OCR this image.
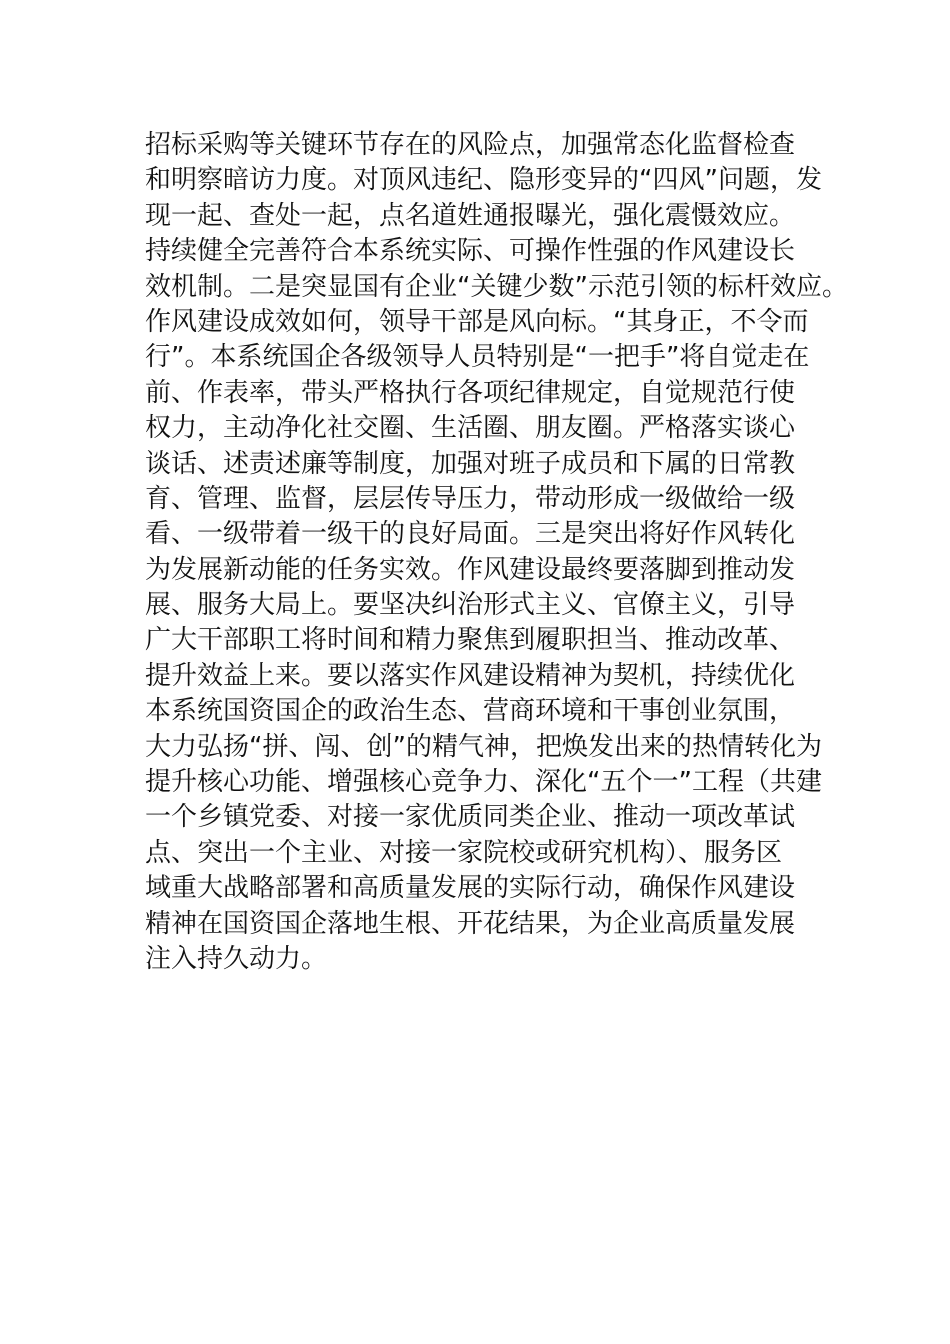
招标采购等关键环节存在的风险点，加强常态化监督检查
和明察暗访力度。对顶风违纪、隐形变异的“四风”问题，发
现一起、查处一起，点名道姓通报曝光，强化震慑效应。
持续健全完善符合本系统实际、可操作性强的作风建设长
效机制。二是突显国有企业“关键少数”示范引领的标杆效应。
作风建设成效如何，领导干部是风向标。“其身正，不令而
行”。本系统国企各级领导人员特别是“一把手”将自觉走在
前、作表率，带头严格执行各项纪律规定，自觉规范行使
权力，主动净化社交圈、生活圈、朋友圈。严格落实谈心
谈话、述责述廉等制度，加强对班子成员和下属的日常教
育、管理、监督，层层传导压力，带动形成一级做给一级
看、一级带着一级干的良好局面。三是突出将好作风转化
为发展新动能的任务实效。作风建设最终要落脚到推动发
展、服务大局上。要坚决纠治形式主义、官僚主义，引导
广大干部职工将时间和精力聚焦到履职担当、推动改革、
提升效益上来。要以落实作风建设精神为契机，持续优化
本系统国资国企的政治生态、营商环境和干事创业氛围，
大力弘扬“拼、闯、创”的精气神，把焕发出来的热情转化为
提升核心功能、增强核心竞争力、深化“五个一”工程（共建
一个乡镇党委、对接一家优质同类企业、推动一项改革试
点、突出一个主业、对接一家院校或研究机构）、服务区
域重大战略部署和高质量发展的实际行动，确保作风建设
精神在国资国企落地生根、开花结果，为企业高质量发展
注入持久动力。
